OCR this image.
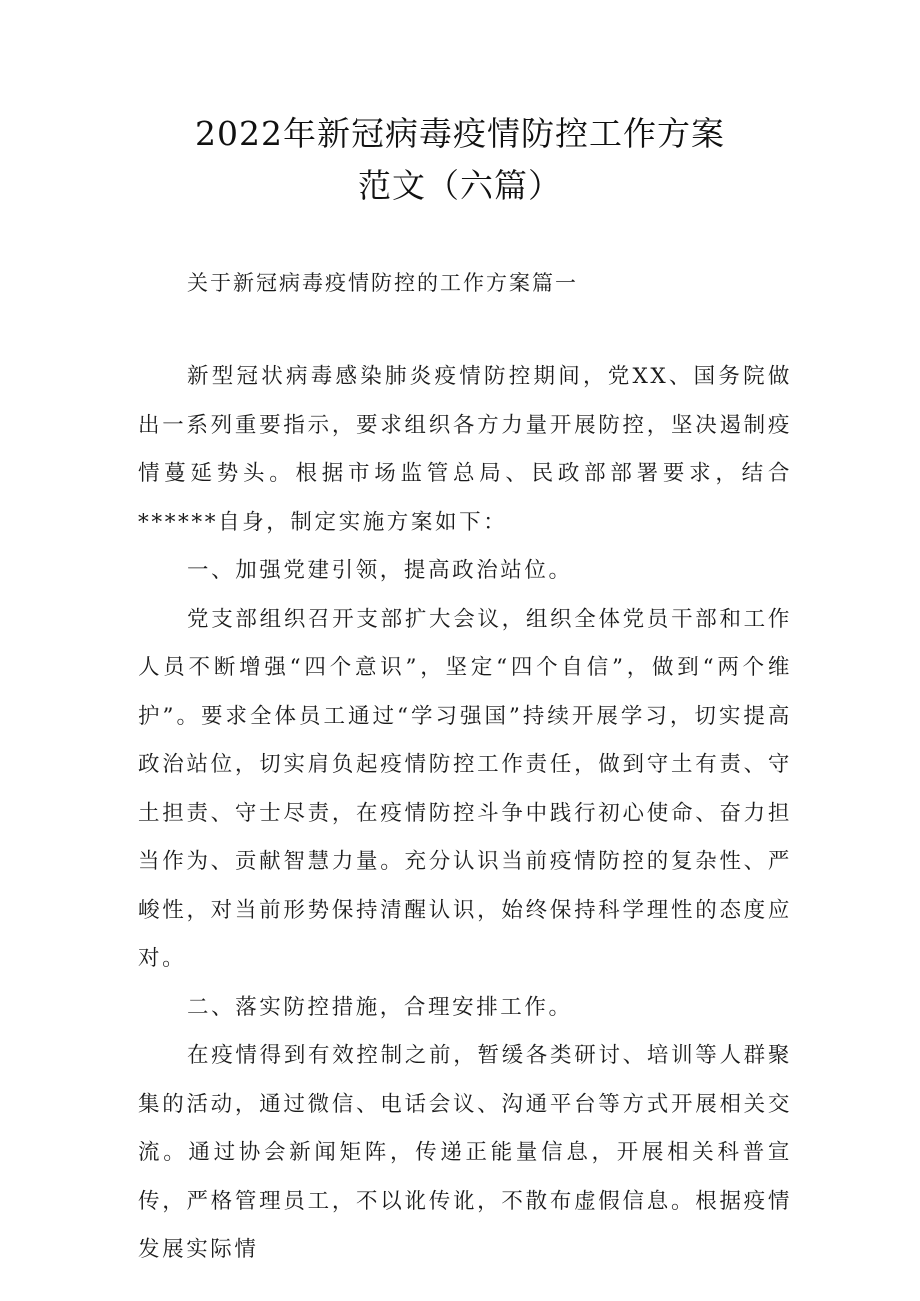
2022年新冠病毒疫情防控工作方案
范文（六篇）
关于新冠病毒疫情防控的工作方案篇一

新型冠状病毒感染肺炎疫情防控期间，党XX、国务院做出一系列重要指示，要求组织各方力量开展防控，坚决遏制疫情蔓延势头。根据市场监管总局、民政部部署要求，结合******自身，制定实施方案如下：

一、加强党建引领，提高政治站位。

党支部组织召开支部扩大会议，组织全体党员干部和工作人员不断增强“四个意识”，坚定“四个自信”，做到“两个维护”。要求全体员工通过“学习强国”持续开展学习，切实提高政治站位，切实肩负起疫情防控工作责任，做到守土有责、守土担责、守士尽责，在疫情防控斗争中践行初心使命、奋力担当作为、贡献智慧力量。充分认识当前疫情防控的复杂性、严峻性，对当前形势保持清醒认识，始终保持科学理性的态度应对。

二、落实防控措施，合理安排工作。

在疫情得到有效控制之前，暂缓各类研讨、培训等人群聚集的活动，通过微信、电话会议、沟通平台等方式开展相关交流。通过协会新闻矩阵，传递正能量信息，开展相关科普宣传，严格管理员工，不以讹传讹，不散布虚假信息。根据疫情发展实际情
